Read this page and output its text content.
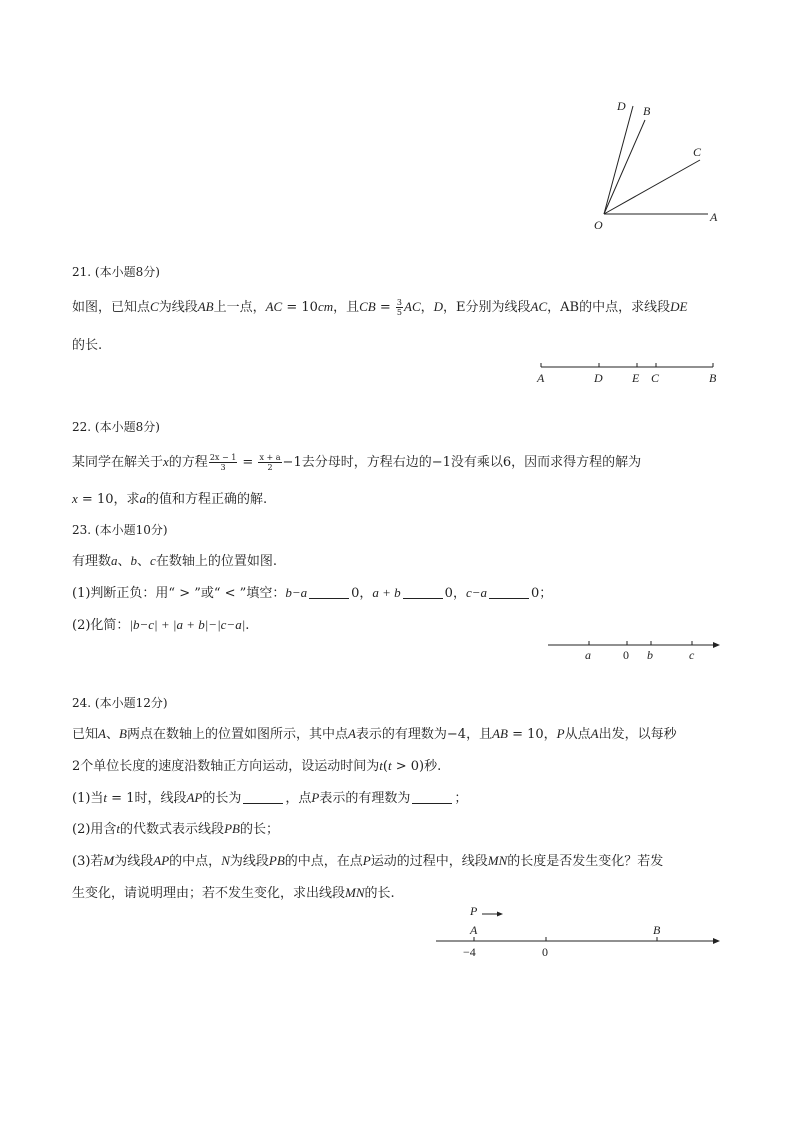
D B
C
O
A
21. (本小题8分)
如图，已知点C为线段AB上一点，AC = 10cm，且CB = $\frac{3}{5}$ AC，D，E分别为线段AC，AB的中点，求线段DE
的长.
A	D E C	B
22. (本小题8分)
某同学在解关于x的方程 $\frac{2x - 1}{3} = \frac{x + a}{2} -1$去分母时，方程右边的−1没有乘以6，因而求得方程的解为
x = 10，求a的值和方程正确的解.
23. (本小题10分)
有理数a、b、c在数轴上的位置如图.
(1)判断正负：用“ > ”或“ < ”填空：b−a	0，a + b	0，c−a	0；
(2)化简：|b−c| + |a + b|−|c−a|.
a	0 b	c
24. (本小题12分)
已知A、B两点在数轴上的位置如图所示，其中点A表示的有理数为−4，且AB = 10，P从点A出发，以每秒
2个单位长度的速度沿数轴正方向运动，设运动时间为t(t > 0)秒.
(1)当t = 1时，线段AP的长为	，点P表示的有理数为	；
(2)用含t的代数式表示线段PB的长；
(3)若M为线段AP的中点，N为线段PB的中点，在点P运动的过程中，线段MN的长度是否发生变化？若发
生变化，请说明理由；若不发生变化，求出线段MN的长.
P
A	B
−4	0
